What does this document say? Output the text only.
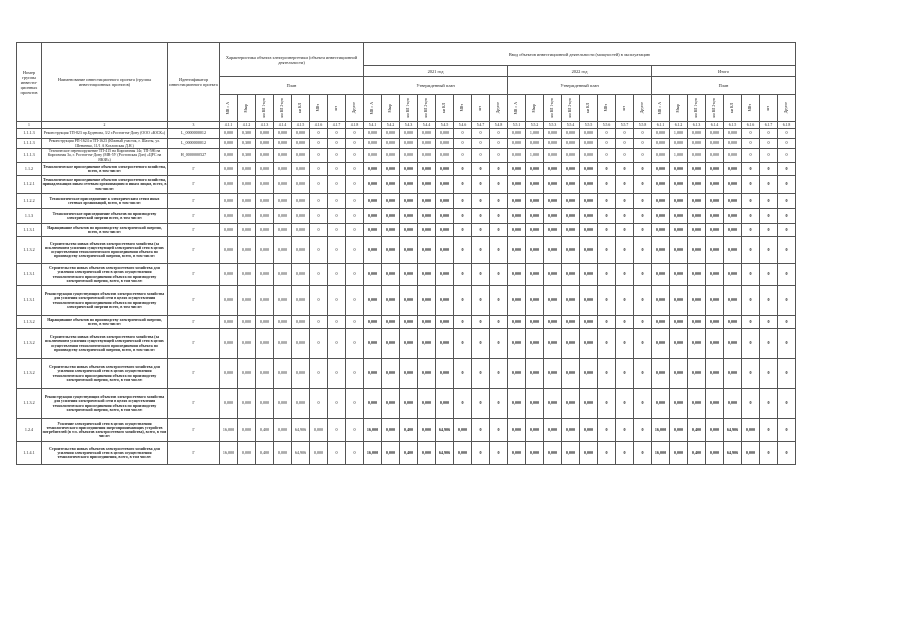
Номер группы инвести-ционных проектов	Наименование инвестиционного проекта (группы инвестиционных проектов)	Идентификатор инвестиционного проекта	Характеристика объекта электроэнергетики (объекта инвестиционной деятельности)								Ввод объектов инвестиционной деятельности (мощностей) в эксплуатацию																							
											2021 год								2022 год								Итого							
			План								Утвержденный план								Утвержденный план								План							

			МВ×А	Мвар	км ВЛ 1-цеп	км ВЛ 2-цеп	км КЛ	МВт	шт	Другое	МВ×А	Мвар	км ВЛ 1-цеп	км ВЛ 2-цеп	км КЛ	МВт	шт	Другое	МВ×А	Мвар	км ВЛ 1-цеп	км ВЛ 2-цеп	км КЛ	МВт	шт	Другое	МВ×А	Мвар	км ВЛ 1-цеп	км ВЛ 2-цеп	км КЛ	МВт	шт	Другое

1	2	3	4.1.1	4.1.2	4.1.3	4.1.4	4.1.5	4.1.6	4.1.7	4.1.8	5.4.1	5.4.2	5.4.3	5.4.4	5.4.5	5.4.6	5.4.7	5.4.8	5.5.1	5.5.2	5.5.3	5.5.4	5.5.5	5.5.6	5.5.7	5.5.8	6.1.1	6.1.2	6.1.3	6.1.4	6.1.5	6.1.6	6.1.7	6.1.8
1.1.1.3	Реконструкция ТП-823 пр.Буденова, 3/2 г.Ростов-на-Дону (ООО «ЮСК»)	L_0000000012	0,000	0,300	0,000	0,000	0,000	0	0	0	0,000	0,000	0,000	0,000	0,000	0	0	0	0,000	1,000	0,000	0,000	0,000	0	0	0	0,000	1,000	0,000	0,000	0,000	0	0	0
1.1.1.3	Реконструкция РП-1624 и ТП-1623 (Южный участок, г. Шахты, ул. Шевченко, 11/1 А Козловская Д.Н.)	L_0000000012	0,000	0,300	0,000	0,000	0,000	0	0	0	0,000	0,000	0,000	0,000	0,000	0	0	0	0,000	0,000	0,000	0,000	0,000	0	0	0	0,000	0,000	0,000	0,000	0,000	0	0	0
1.1.1.3	Техническое перевооружение ТП-415 на Кирпичная 14г, ТП-586 на Кирпичная 3а, г. Ростов-на-Дону (МВ-5У (Ростовская Дон) «ЦРС на ЯЮИ»)	H_0000000527	0,000	0,300	0,000	0,000	0,000	0	0	0	0,000	0,000	0,000	0,000	0,000	0	0	0	0,000	1,000	0,000	0,000	0,000	0	0	0	0,000	1,000	0,000	0,000	0,000	0	0	0
1.1.2	Технологическое присоединение объектов электросетевого хозяйства, всего, в том числе:	Г	0,000	0,000	0,000	0,000	0,000	0	0	0	0,000	0,000	0,000	0,000	0,000	0	0	0	0,000	0,000	0,000	0,000	0,000	0	0	0	0,000	0,000	0,000	0,000	0,000	0	0	0
1.1.2.1	Технологическое присоединение объектов электросетевого хозяйства, принадлежащих иным сетевым организациям и иным лицам, всего, в том числе:	Г	0,000	0,000	0,000	0,000	0,000	0	0	0	0,000	0,000	0,000	0,000	0,000	0	0	0	0,000	0,000	0,000	0,000	0,000	0	0	0	0,000	0,000	0,000	0,000	0,000	0	0	0
1.1.2.2	Технологическое присоединение к электрическим сетям иных сетевых организаций, всего, в том числе:	Г	0,000	0,000	0,000	0,000	0,000	0	0	0	0,000	0,000	0,000	0,000	0,000	0	0	0	0,000	0,000	0,000	0,000	0,000	0	0	0	0,000	0,000	0,000	0,000	0,000	0	0	0
1.1.3	Технологическое присоединение объектов по производству электрической энергии всего, в том числе:	Г	0,000	0,000	0,000	0,000	0,000	0	0	0	0,000	0,000	0,000	0,000	0,000	0	0	0	0,000	0,000	0,000	0,000	0,000	0	0	0	0,000	0,000	0,000	0,000	0,000	0	0	0
1.1.3.1	Наращивание объектов по производству электрической энергии, всего, в том числе:	Г	0,000	0,000	0,000	0,000	0,000	0	0	0	0,000	0,000	0,000	0,000	0,000	0	0	0	0,000	0,000	0,000	0,000	0,000	0	0	0	0,000	0,000	0,000	0,000	0,000	0	0	0
1.1.3.2	Строительство новых объектов электросетевого хозяйства (за исключением усиления существующей электрической сети в целях осуществления технологического присоединения объекта по производству электрической энергии, всего, в том числе:	Г	0,000	0,000	0,000	0,000	0,000	0	0	0	0,000	0,000	0,000	0,000	0,000	0	0	0	0,000	0,000	0,000	0,000	0,000	0	0	0	0,000	0,000	0,000	0,000	0,000	0	0	0
1.1.3.1	Строительство новых объектов электросетевого хозяйства для усиления электрической сети в целях осуществления технологического присоединения объекта по производству электрической энергии, всего, в том числе:	Г	0,000	0,000	0,000	0,000	0,000	0	0	0	0,000	0,000	0,000	0,000	0,000	0	0	0	0,000	0,000	0,000	0,000	0,000	0	0	0	0,000	0,000	0,000	0,000	0,000	0	0	0
1.1.3.1	Реконструкция существующих объектов электросетевого хозяйства для усиления электрической сети в целях осуществления технологического присоединения объекта по производству электрической энергии всего, в том числе:	Г	0,000	0,000	0,000	0,000	0,000	0	0	0	0,000	0,000	0,000	0,000	0,000	0	0	0	0,000	0,000	0,000	0,000	0,000	0	0	0	0,000	0,000	0,000	0,000	0,000	0	0	0
1.1.3.2	Наращивание объектов по производству электрической энергии, всего, в том числе:	Г	0,000	0,000	0,000	0,000	0,000	0	0	0	0,000	0,000	0,000	0,000	0,000	0	0	0	0,000	0,000	0,000	0,000	0,000	0	0	0	0,000	0,000	0,000	0,000	0,000	0	0	0
1.1.3.2	Строительство новых объектов электросетевого хозяйства (за исключением усиления существующей электрической сети в целях осуществления технологического присоединения объекта по производству электрической энергии, всего, в том числе:	Г	0,000	0,000	0,000	0,000	0,000	0	0	0	0,000	0,000	0,000	0,000	0,000	0	0	0	0,000	0,000	0,000	0,000	0,000	0	0	0	0,000	0,000	0,000	0,000	0,000	0	0	0
1.1.3.2	Строительство новых объектов электросетевого хозяйства для усиления электрической сети в целях осуществления технологического присоединения объекта по производству электрической энергии, всего, в том числе:	Г	0,000	0,000	0,000	0,000	0,000	0	0	0	0,000	0,000	0,000	0,000	0,000	0	0	0	0,000	0,000	0,000	0,000	0,000	0	0	0	0,000	0,000	0,000	0,000	0,000	0	0	0
1.1.3.2	Реконструкция существующих объектов электросетевого хозяйства для усиления электрической сети в целях осуществления технологического присоединения объекта по производству электрической энергии, всего, в том числе:	Г	0,000	0,000	0,000	0,000	0,000	0	0	0	0,000	0,000	0,000	0,000	0,000	0	0	0	0,000	0,000	0,000	0,000	0,000	0	0	0	0,000	0,000	0,000	0,000	0,000	0	0	0
1.2.4	Усиление электрической сети в целях осуществления технологического присоединения энергопринимающих устройств потребителей (в т.ч. объектов электросетевого хозяйства), всего, в том числе:	Г	16,000	0,000	0,400	0,000	64,906	0,000	0	0	16,000	0,000	0,400	0,000	64,906	0,000	0	0	0,000	0,000	0,000	0,000	0,000	0	0	0	16,000	0,000	0,400	0,000	64,906	0,000	0	0
1.1.4.1	Строительство новых объектов электросетевого хозяйства для усиления электрической сети в целях осуществления технологического присоединения, всего, в том числе:	Г	16,000	0,000	0,400	0,000	64,906	0,000	0	0	16,000	0,000	0,400	0,000	64,906	0,000	0	0	0,000	0,000	0,000	0,000	0,000	0	0	0	16,000	0,000	0,400	0,000	64,906	0,000	0	0
